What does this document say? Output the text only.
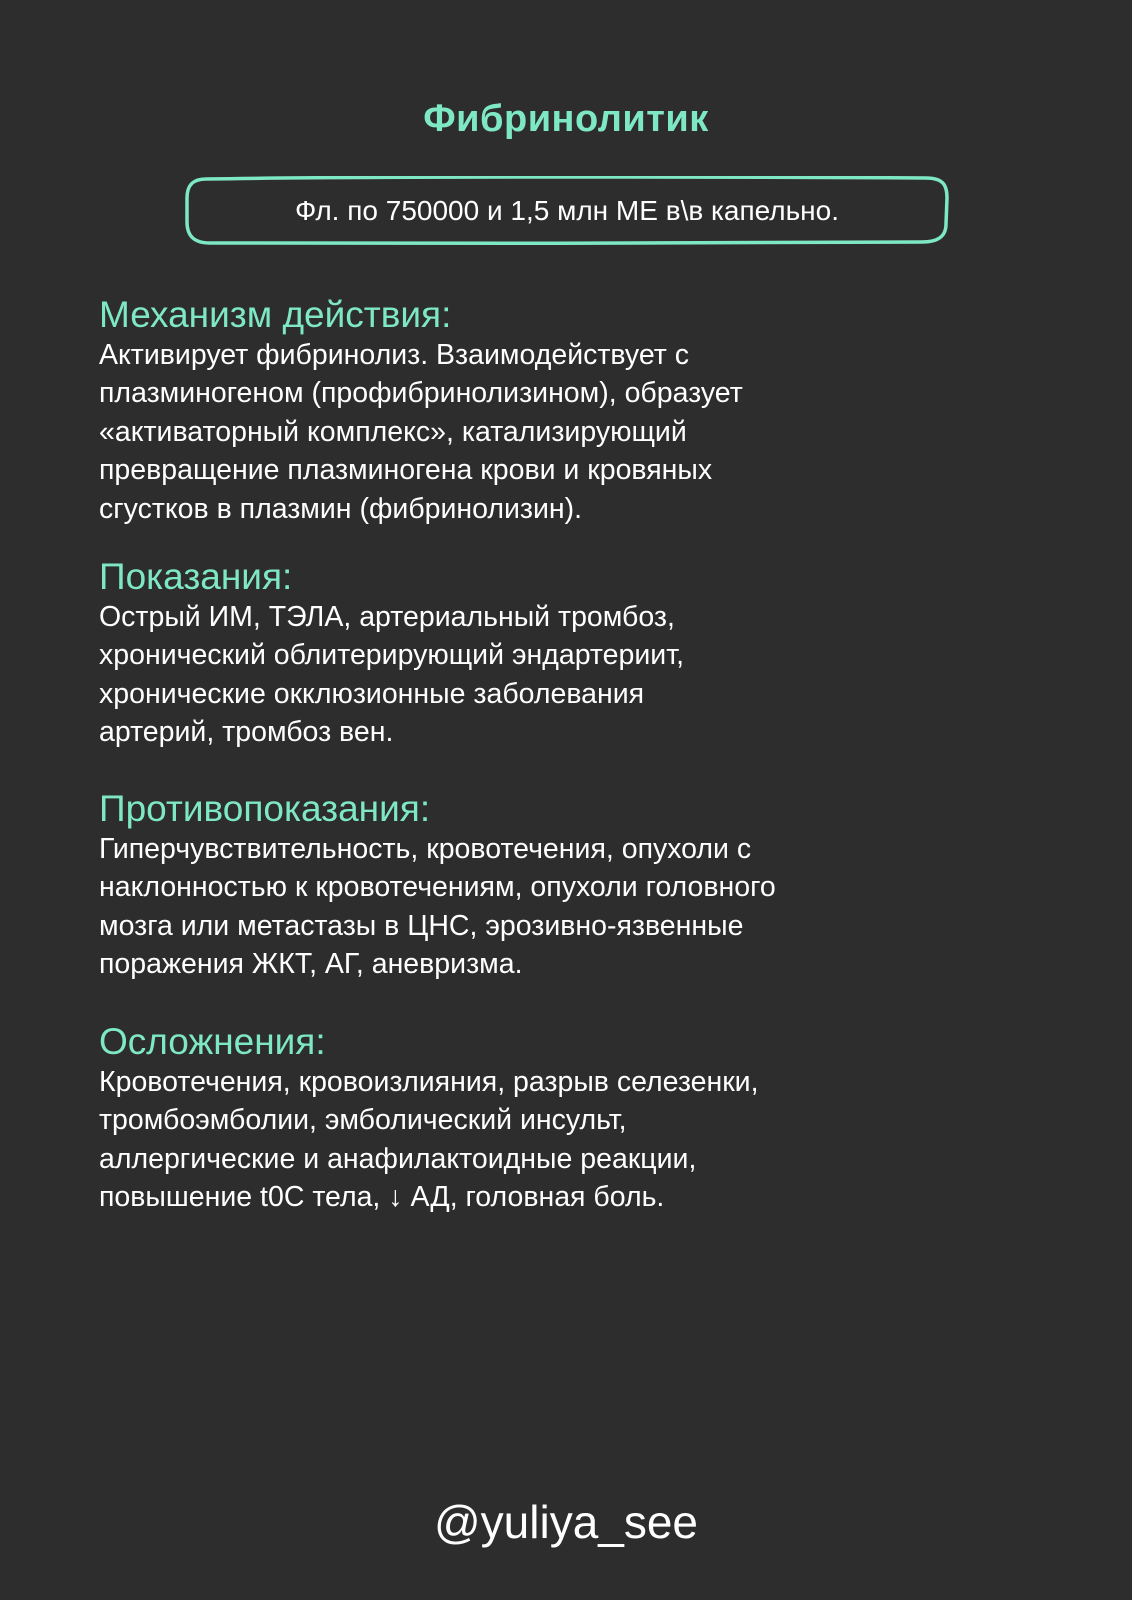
Фибринолитик
Фл. по 750000 и 1,5 млн МЕ в\в капельно.
Механизм действия:

Активирует фибринолиз. Взаимодействует с
плазминогеном (профибринолизином), образует
«активаторный комплекс», катализирующий
превращение плазминогена крови и кровяных
сгустков в плазмин (фибринолизин).

Показания:

Острый ИМ, ТЭЛА, артериальный тромбоз,
хронический облитерирующий эндартериит,
хронические окклюзионные заболевания
артерий, тромбоз вен.

Противопоказания:

Гиперчувствительность, кровотечения, опухоли с
наклонностью к кровотечениям, опухоли головного
мозга или метастазы в ЦНС, эрозивно-язвенные
поражения ЖКТ, АГ, аневризма.

Осложнения:

Кровотечения, кровоизлияния, разрыв селезенки,
тромбоэмболии, эмболический инсульт,
аллергические и анафилактоидные реакции,
повышение t0C тела, ↓ АД, головная боль.

@yuliya_see
